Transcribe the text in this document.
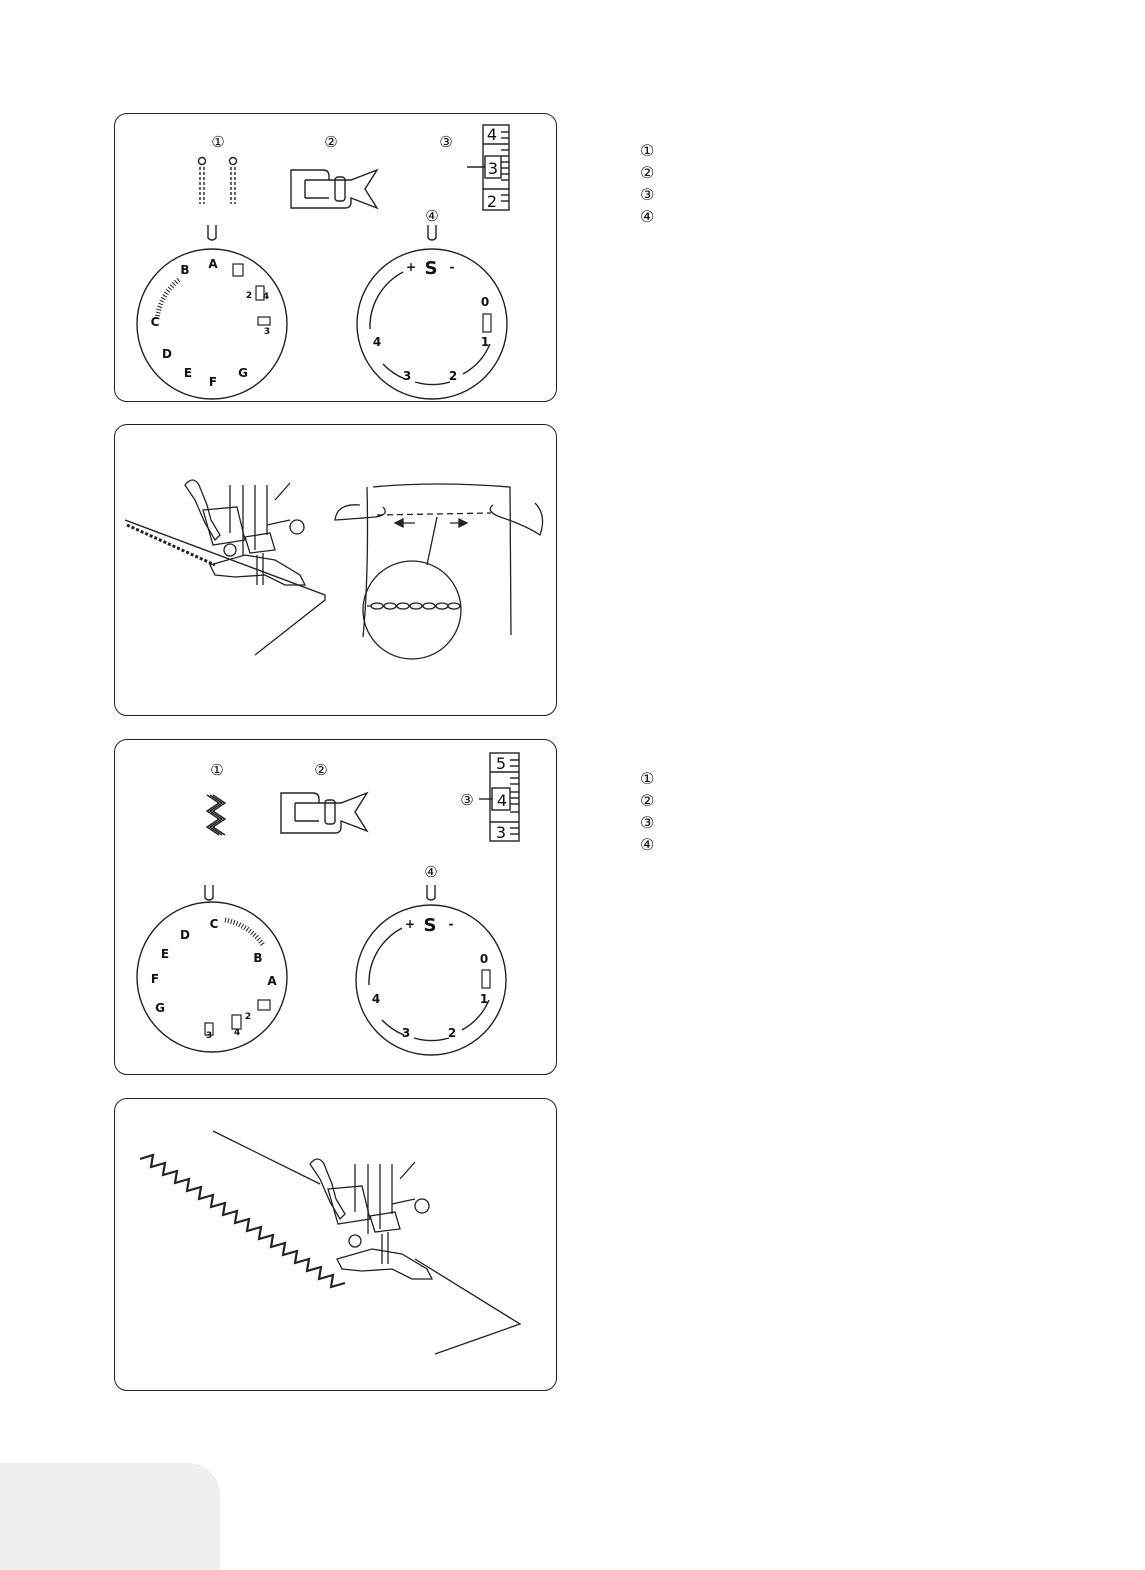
①	②	③
④
4
3
2
B A
C
D
E
F
G
2 4
3
+ S -
0
1
2
3
4
①
②
③
④
①	②
③
④
5
4
3
C
D
E
F
G
B
A
2
4
3
+ S -
0
1
2
3
4
①
②
③
④
